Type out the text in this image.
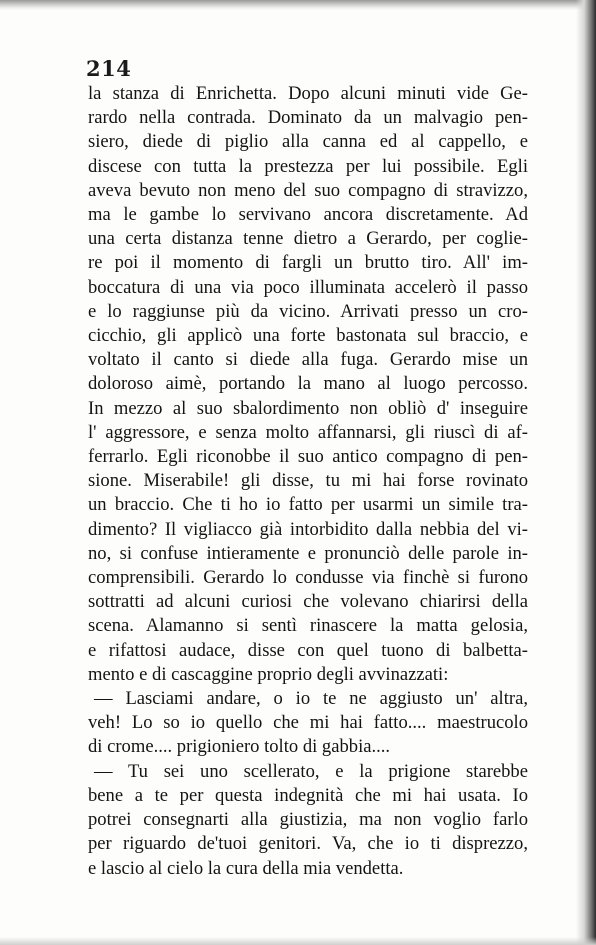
214
la stanza di Enrichetta. Dopo alcuni minuti vide Ge-
rardo nella contrada. Dominato da un malvagio pen-
siero, diede di piglio alla canna ed al cappello, e
discese con tutta la prestezza per lui possibile. Egli
aveva bevuto non meno del suo compagno di stravizzo,
ma le gambe lo servivano ancora discretamente. Ad
una certa distanza tenne dietro a Gerardo, per coglie-
re poi il momento di fargli un brutto tiro. All' im-
boccatura di una via poco illuminata accelerò il passo
e lo raggiunse più da vicino. Arrivati presso un cro-
cicchio, gli applicò una forte bastonata sul braccio, e
voltato il canto si diede alla fuga. Gerardo mise un
doloroso aimè, portando la mano al luogo percosso.
In mezzo al suo sbalordimento non obliò d' inseguire
l' aggressore, e senza molto affannarsi, gli riuscì di af-
ferrarlo. Egli riconobbe il suo antico compagno di pen-
sione. Miserabile! gli disse, tu mi hai forse rovinato
un braccio. Che ti ho io fatto per usarmi un simile tra-
dimento? Il vigliacco già intorbidito dalla nebbia del vi-
no, si confuse intieramente e pronunciò delle parole in-
comprensibili. Gerardo lo condusse via finchè si furono
sottratti ad alcuni curiosi che volevano chiarirsi della
scena. Alamanno si sentì rinascere la matta gelosia,
e rifattosi audace, disse con quel tuono di balbetta-
mento e di cascaggine proprio degli avvinazzati:
— Lasciami andare, o io te ne aggiusto un' altra,
veh! Lo so io quello che mi hai fatto.... maestrucolo
di crome.... prigioniero tolto di gabbia....
— Tu sei uno scellerato, e la prigione starebbe
bene a te per questa indegnità che mi hai usata. Io
potrei consegnarti alla giustizia, ma non voglio farlo
per riguardo de'tuoi genitori. Va, che io ti disprezzo,
e lascio al cielo la cura della mia vendetta.
